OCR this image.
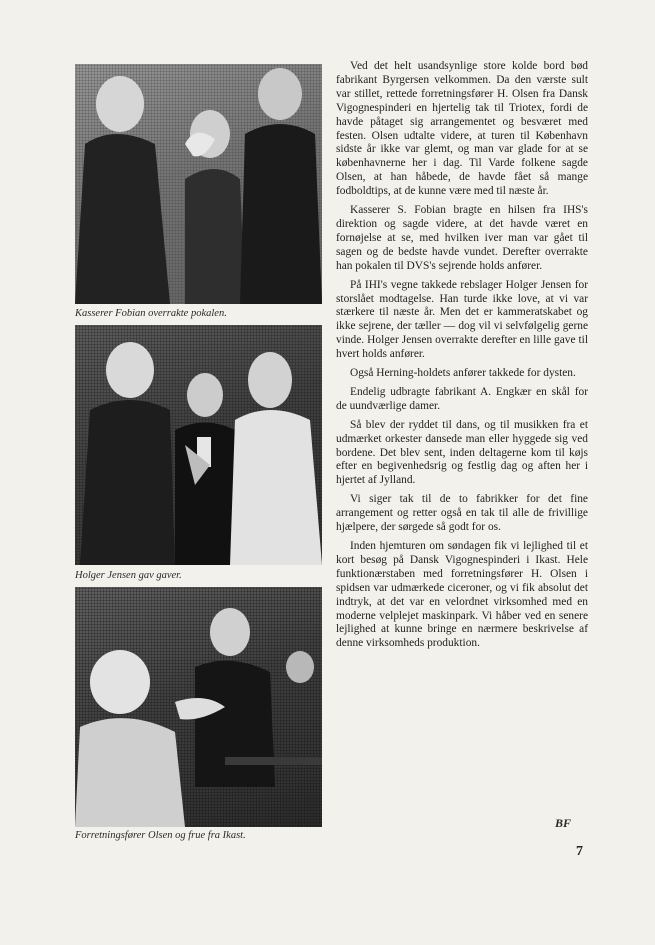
Kasserer Fobian overrakte pokalen.
Holger Jensen gav gaver.
Forretningsfører Olsen og frue fra Ikast.

Ved det helt usandsynlige store kolde bord bød fabrikant Byrgersen velkommen. Da den værste sult var stillet, rettede forretningsfører H. Olsen fra Dansk Vigognespinderi en hjertelig tak til Triotex, fordi de havde påtaget sig arrangementet og besværet med festen. Olsen udtalte videre, at turen til København sidste år ikke var glemt, og man var glade for at se københavnerne her i dag. Til Varde folkene sagde Olsen, at han håbede, de havde fået så mange fodboldtips, at de kunne være med til næste år.

Kasserer S. Fobian bragte en hilsen fra IHS's direktion og sagde videre, at det havde været en fornøjelse at se, med hvilken iver man var gået til sagen og de bedste havde vundet. Derefter overrakte han pokalen til DVS's sejrende holds anfører.

På IHI's vegne takkede rebslager Holger Jensen for storslået modtagelse. Han turde ikke love, at vi var stærkere til næste år. Men det er kammeratskabet og ikke sejrene, der tæller — dog vil vi selvfølgelig gerne vinde. Holger Jensen overrakte derefter en lille gave til hvert holds anfører.

Også Herning-holdets anfører takkede for dysten.

Endelig udbragte fabrikant A. Engkær en skål for de uundværlige damer.

Så blev der ryddet til dans, og til musikken fra et udmærket orkester dansede man eller hyggede sig ved bordene. Det blev sent, inden deltagerne kom til køjs efter en begivenhedsrig og festlig dag og aften her i hjertet af Jylland.

Vi siger tak til de to fabrikker for det fine arrangement og retter også en tak til alle de frivillige hjælpere, der sørgede så godt for os.

Inden hjemturen om søndagen fik vi lejlighed til et kort besøg på Dansk Vigognespinderi i Ikast. Hele funktionærstaben med forretningsfører H. Olsen i spidsen var udmærkede ciceroner, og vi fik absolut det indtryk, at det var en velordnet virksomhed med en moderne velplejet maskinpark. Vi håber ved en senere lejlighed at kunne bringe en nærmere beskrivelse af denne virksomheds produktion.

BF
7
